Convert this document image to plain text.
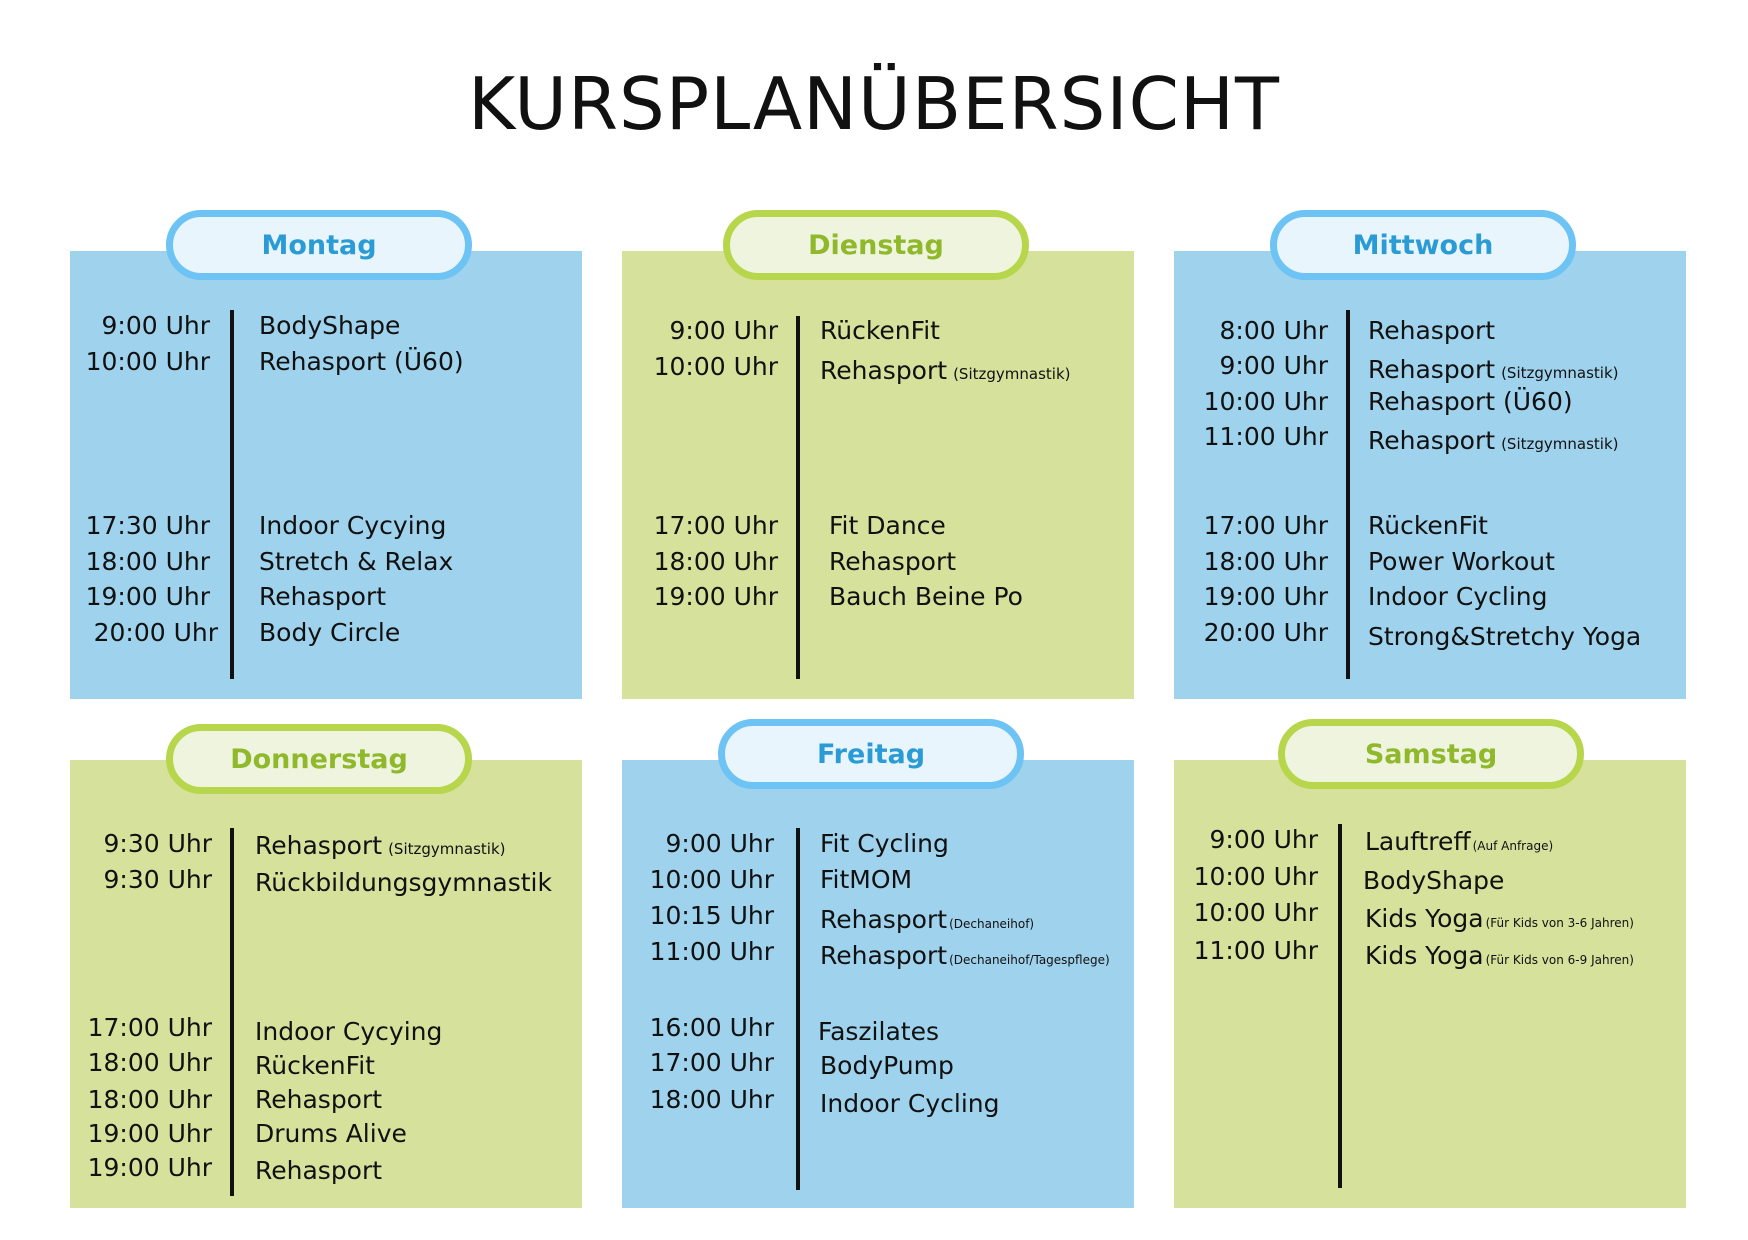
KURSPLANÜBERSICHT
Montag
9:00 Uhr BodyShape
10:00 Uhr Rehasport (Ü60)
17:30 Uhr Indoor Cycying
18:00 Uhr Stretch & Relax
19:00 Uhr Rehasport
20:00 Uhr Body Circle
Dienstag
9:00 Uhr RückenFit
10:00 Uhr Rehasport (Sitzgymnastik)
17:00 Uhr Fit Dance
18:00 Uhr Rehasport
19:00 Uhr Bauch Beine Po
Mittwoch
8:00 Uhr Rehasport
9:00 Uhr Rehasport (Sitzgymnastik)
10:00 Uhr Rehasport (Ü60)
11:00 Uhr Rehasport (Sitzgymnastik)
17:00 Uhr RückenFit
18:00 Uhr Power Workout
19:00 Uhr Indoor Cycling
20:00 Uhr Strong&Stretchy Yoga
Donnerstag
9:30 Uhr Rehasport (Sitzgymnastik)
9:30 Uhr Rückbildungsgymnastik
17:00 Uhr Indoor Cycying
18:00 Uhr RückenFit
18:00 Uhr Rehasport
19:00 Uhr Drums Alive
19:00 Uhr Rehasport
Freitag
9:00 Uhr Fit Cycling
10:00 Uhr FitMOM
10:15 Uhr Rehasport (Dechaneihof)
11:00 Uhr Rehasport (Dechaneihof/Tagespflege)
16:00 Uhr Faszilates
17:00 Uhr BodyPump
18:00 Uhr Indoor Cycling
Samstag
9:00 Uhr Lauftreff (Auf Anfrage)
10:00 Uhr BodyShape
10:00 Uhr Kids Yoga (Für Kids von 3-6 Jahren)
11:00 Uhr Kids Yoga (Für Kids von 6-9 Jahren)
